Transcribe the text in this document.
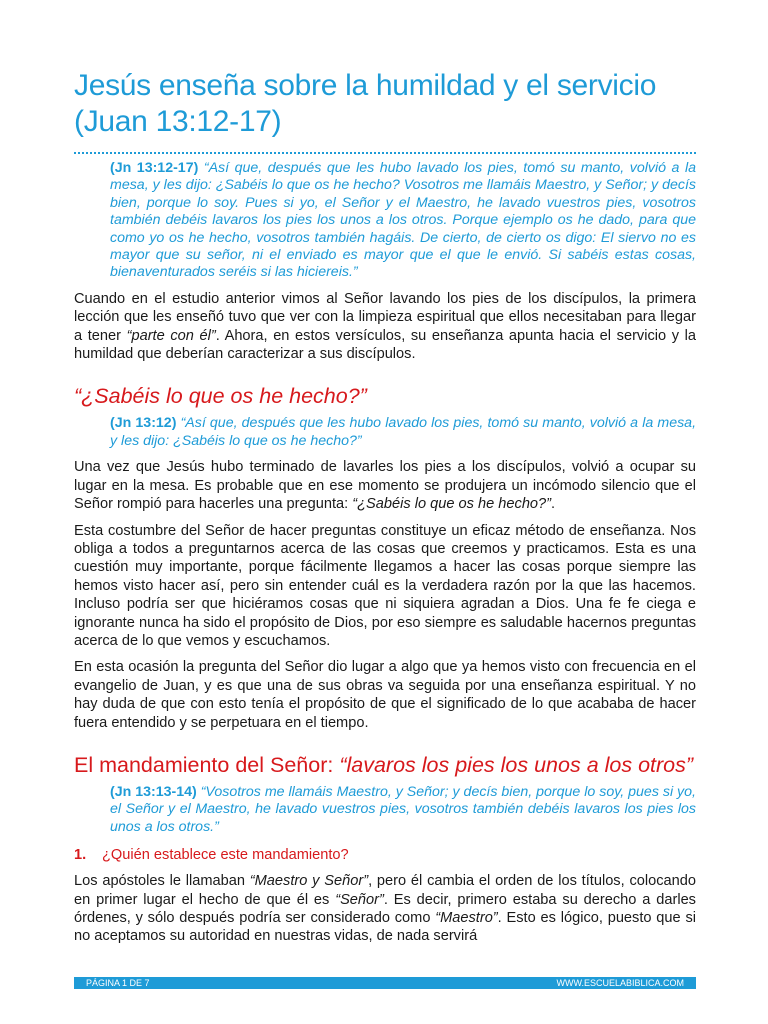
Jesús enseña sobre la humildad y el servicio (Juan 13:12-17)
(Jn 13:12-17) “Así que, después que les hubo lavado los pies, tomó su manto, volvió a la mesa, y les dijo: ¿Sabéis lo que os he hecho? Vosotros me llamáis Maestro, y Señor; y decís bien, porque lo soy. Pues si yo, el Señor y el Maestro, he lavado vuestros pies, vosotros también debéis lavaros los pies los unos a los otros. Porque ejemplo os he dado, para que como yo os he hecho, vosotros también hagáis. De cierto, de cierto os digo: El siervo no es mayor que su señor, ni el enviado es mayor que el que le envió. Si sabéis estas cosas, bienaventurados seréis si las hiciereis.”

Cuando en el estudio anterior vimos al Señor lavando los pies de los discípulos, la primera lección que les enseñó tuvo que ver con la limpieza espiritual que ellos necesitaban para llegar a tener “parte con él”. Ahora, en estos versículos, su enseñanza apunta hacia el servicio y la humildad que deberían caracterizar a sus discípulos.

“¿Sabéis lo que os he hecho?”
(Jn 13:12) “Así que, después que les hubo lavado los pies, tomó su manto, volvió a la mesa, y les dijo: ¿Sabéis lo que os he hecho?”

Una vez que Jesús hubo terminado de lavarles los pies a los discípulos, volvió a ocupar su lugar en la mesa. Es probable que en ese momento se produjera un incómodo silencio que el Señor rompió para hacerles una pregunta: “¿Sabéis lo que os he hecho?”.

Esta costumbre del Señor de hacer preguntas constituye un eficaz método de enseñanza. Nos obliga a todos a preguntarnos acerca de las cosas que creemos y practicamos. Esta es una cuestión muy importante, porque fácilmente llegamos a hacer las cosas porque siempre las hemos visto hacer así, pero sin entender cuál es la verdadera razón por la que las hacemos. Incluso podría ser que hiciéramos cosas que ni siquiera agradan a Dios. Una fe fe ciega e ignorante nunca ha sido el propósito de Dios, por eso siempre es saludable hacernos preguntas acerca de lo que vemos y escuchamos.

En esta ocasión la pregunta del Señor dio lugar a algo que ya hemos visto con frecuencia en el evangelio de Juan, y es que una de sus obras va seguida por una enseñanza espiritual. Y no hay duda de que con esto tenía el propósito de que el significado de lo que acababa de hacer fuera entendido y se perpetuara en el tiempo.

El mandamiento del Señor: “lavaros los pies los unos a los otros”
(Jn 13:13-14) “Vosotros me llamáis Maestro, y Señor; y decís bien, porque lo soy, pues si yo, el Señor y el Maestro, he lavado vuestros pies, vosotros también debéis lavaros los pies los unos a los otros.”
1.	¿Quién establece este mandamiento?

Los apóstoles le llamaban “Maestro y Señor”, pero él cambia el orden de los títulos, colocando en primer lugar el hecho de que él es “Señor”. Es decir, primero estaba su derecho a darles órdenes, y sólo después podría ser considerado como “Maestro”. Esto es lógico, puesto que si no aceptamos su autoridad en nuestras vidas, de nada servirá

PÁGINA 1 DE 7	WWW.ESCUELABIBLICA.COM
